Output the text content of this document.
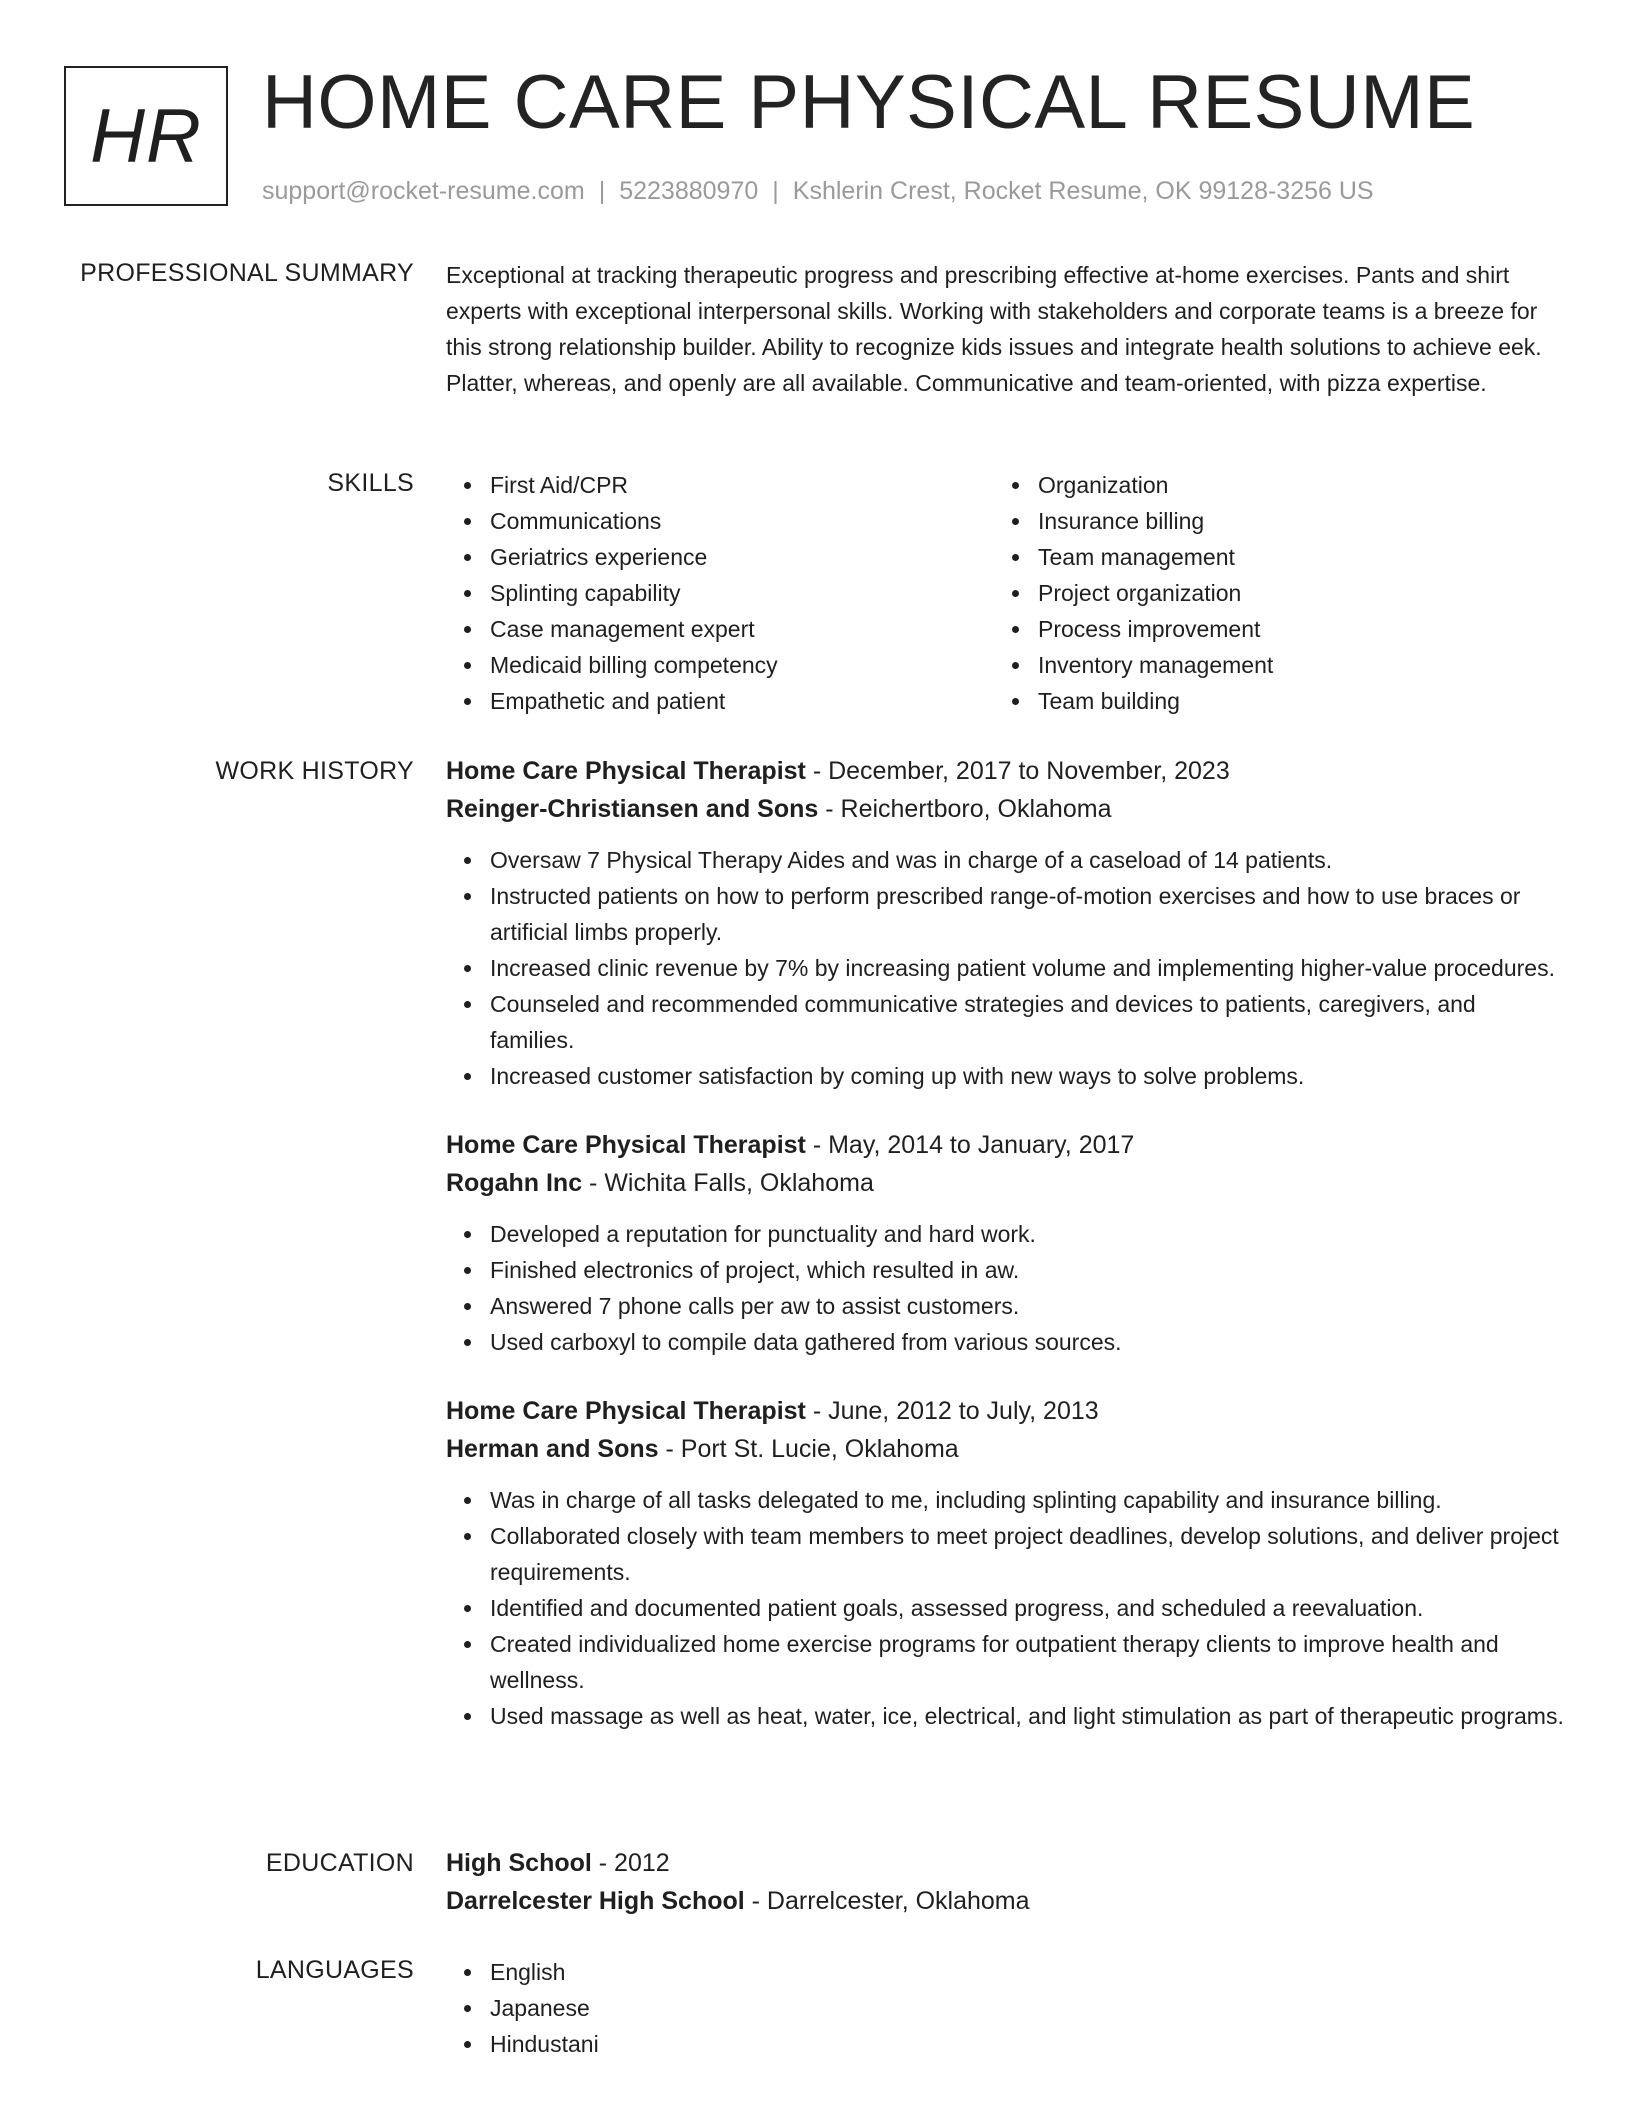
HR HOME CARE PHYSICAL RESUME
support@rocket-resume.com | 5223880970 | Kshlerin Crest, Rocket Resume, OK 99128-3256 US
PROFESSIONAL SUMMARY Exceptional at tracking therapeutic progress and prescribing effective at-home exercises. Pants and shirt experts with exceptional interpersonal skills. Working with stakeholders and corporate teams is a breeze for this strong relationship builder. Ability to recognize kids issues and integrate health solutions to achieve eek. Platter, whereas, and openly are all available. Communicative and team-oriented, with pizza expertise.

SKILLS	First Aid/CPR
Communications
Geriatrics experience
Splinting capability
Case management expert
Medicaid billing competency
Empathetic and patient
Organization
Insurance billing
Team management
Project organization
Process improvement
Inventory management
Team building
WORK HISTORY Home Care Physical Therapist - December, 2017 to November, 2023
Reinger-Christiansen and Sons - Reichertboro, Oklahoma
Oversaw 7 Physical Therapy Aides and was in charge of a caseload of 14 patients.
Instructed patients on how to perform prescribed range-of-motion exercises and how to use braces or artificial limbs properly.
Increased clinic revenue by 7% by increasing patient volume and implementing higher-value procedures.
Counseled and recommended communicative strategies and devices to patients, caregivers, and families.
Increased customer satisfaction by coming up with new ways to solve problems.
Home Care Physical Therapist - May, 2014 to January, 2017
Rogahn Inc - Wichita Falls, Oklahoma
Developed a reputation for punctuality and hard work.
Finished electronics of project, which resulted in aw.
Answered 7 phone calls per aw to assist customers.
Used carboxyl to compile data gathered from various sources.
Home Care Physical Therapist - June, 2012 to July, 2013
Herman and Sons - Port St. Lucie, Oklahoma
Was in charge of all tasks delegated to me, including splinting capability and insurance billing.
Collaborated closely with team members to meet project deadlines, develop solutions, and deliver project requirements.
Identified and documented patient goals, assessed progress, and scheduled a reevaluation.
Created individualized home exercise programs for outpatient therapy clients to improve health and wellness.
Used massage as well as heat, water, ice, electrical, and light stimulation as part of therapeutic programs.
EDUCATION High School - 2012
Darrelcester High School - Darrelcester, Oklahoma
LANGUAGES	English
Japanese
Hindustani
